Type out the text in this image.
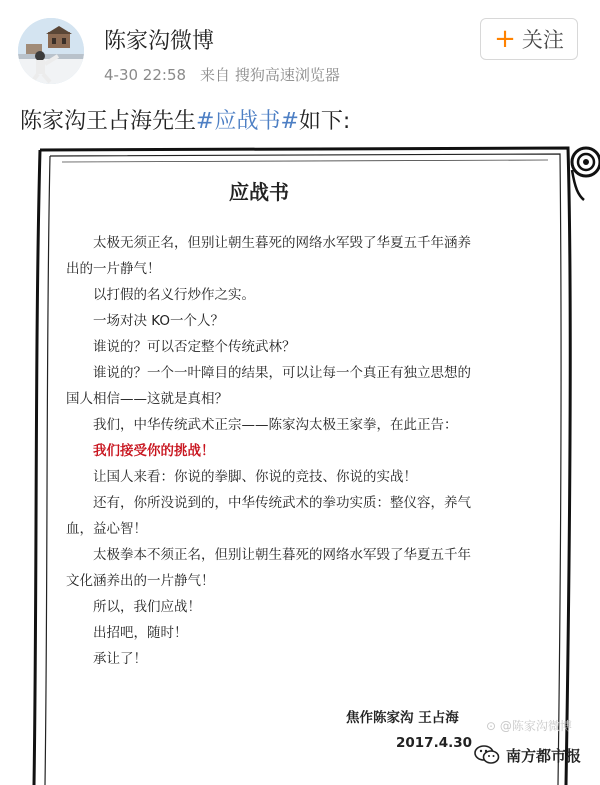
陈家沟微博
4-30 22:58 来自 搜狗高速浏览器
+ 关注
陈家沟王占海先生#应战书#如下:
应战书

太极无须正名，但别让朝生暮死的网络水军毁了华夏五千年涵养

出的一片静气！

以打假的名义行炒作之实。

一场对决 KO一个人？

谁说的？可以否定整个传统武林？

谁说的？一个一叶障目的结果，可以让每一个真正有独立思想的

国人相信——这就是真相？

我们，中华传统武术正宗——陈家沟太极王家拳，在此正告：

我们接受你的挑战！

让国人来看：你说的拳脚、你说的竞技、你说的实战！

还有，你所没说到的，中华传统武术的拳功实质：整仪容，养气

血，益心智！

太极拳本不须正名，但别让朝生暮死的网络水军毁了华夏五千年

文化涵养出的一片静气！

所以，我们应战！

出招吧，随时！

承让了！

焦作陈家沟 王占海
2017.4.30
⊙ @陈家沟微博
南方都市报
